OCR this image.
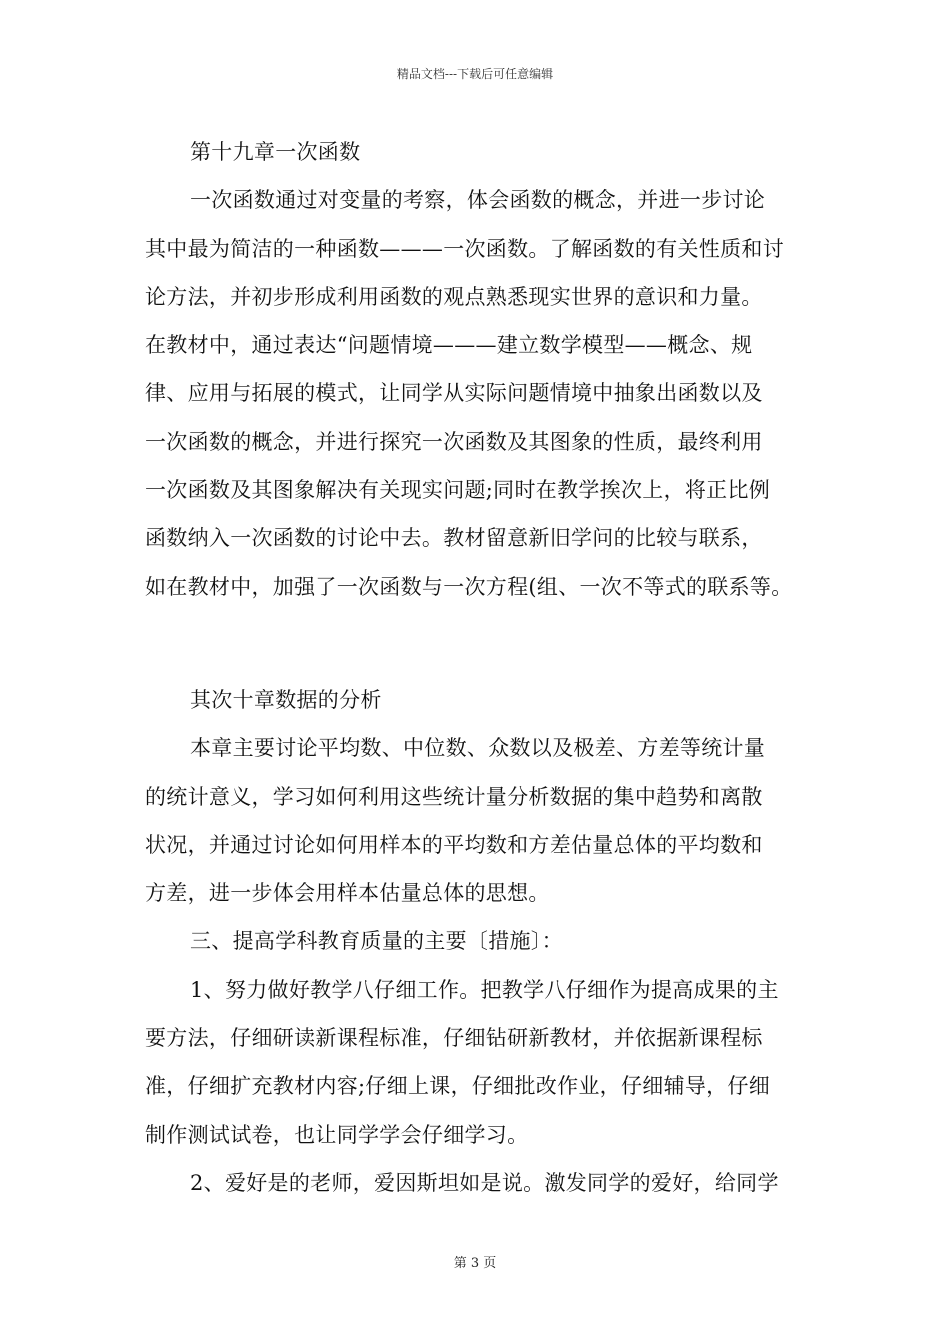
精品文档---下载后可任意编辑
第十九章一次函数
一次函数通过对变量的考察，体会函数的概念，并进一步讨论
其中最为简洁的一种函数———一次函数。了解函数的有关性质和讨
论方法，并初步形成利用函数的观点熟悉现实世界的意识和力量。
在教材中，通过表达“问题情境———建立数学模型——概念、规
律、应用与拓展的模式，让同学从实际问题情境中抽象出函数以及
一次函数的概念，并进行探究一次函数及其图象的性质，最终利用
一次函数及其图象解决有关现实问题;同时在教学挨次上，将正比例
函数纳入一次函数的讨论中去。教材留意新旧学问的比较与联系，
如在教材中，加强了一次函数与一次方程(组、一次不等式的联系等。
其次十章数据的分析
本章主要讨论平均数、中位数、众数以及极差、方差等统计量
的统计意义，学习如何利用这些统计量分析数据的集中趋势和离散
状况，并通过讨论如何用样本的平均数和方差估量总体的平均数和
方差，进一步体会用样本估量总体的思想。
三、提高学科教育质量的主要〔措施〕：
1、努力做好教学八仔细工作。把教学八仔细作为提高成果的主
要方法，仔细研读新课程标准，仔细钻研新教材，并依据新课程标
准，仔细扩充教材内容;仔细上课，仔细批改作业，仔细辅导，仔细
制作测试试卷，也让同学学会仔细学习。
2、爱好是的老师，爱因斯坦如是说。激发同学的爱好，给同学
第 3 页
